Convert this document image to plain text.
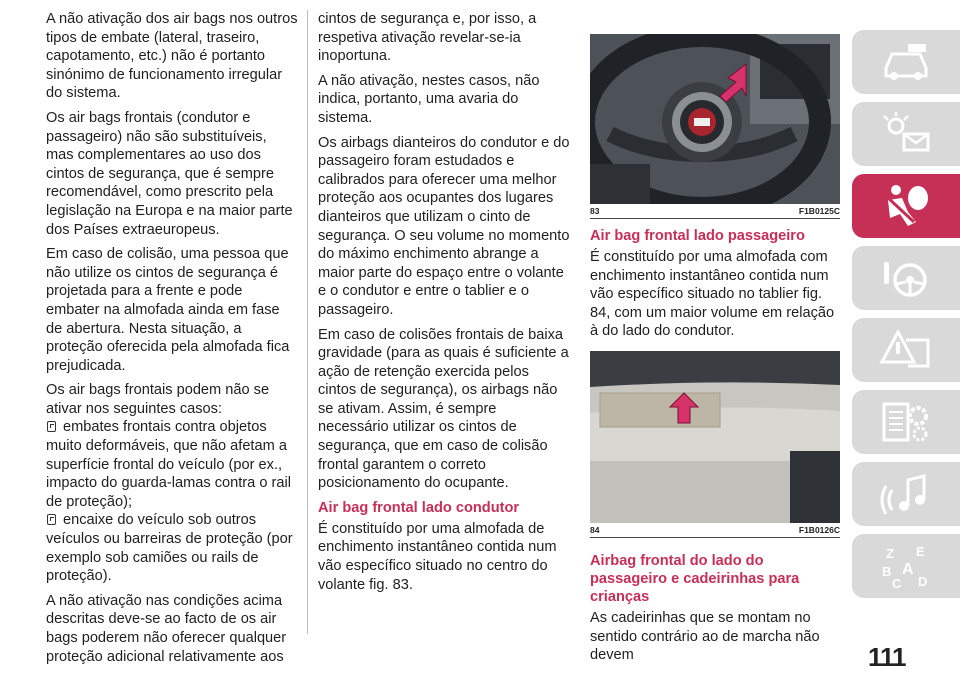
A não ativação dos air bags nos outros tipos de embate (lateral, traseiro, capotamento, etc.) não é portanto sinónimo de funcionamento irregular do sistema.

Os air bags frontais (condutor e passageiro) não são substituíveis, mas complementares ao uso dos cintos de segurança, que é sempre recomendável, como prescrito pela legislação na Europa e na maior parte dos Países extraeuropeus.

Em caso de colisão, uma pessoa que não utilize os cintos de segurança é projetada para a frente e pode embater na almofada ainda em fase de abertura. Nesta situação, a proteção oferecida pela almofada fica prejudicada.

Os air bags frontais podem não se ativar nos seguintes casos:

embates frontais contra objetos muito deformáveis, que não afetam a superfície frontal do veículo (por ex., impacto do guarda-lamas contra o rail de proteção);
encaixe do veículo sob outros veículos ou barreiras de proteção (por exemplo sob camiões ou rails de proteção).

A não ativação nas condições acima descritas deve-se ao facto de os air bags poderem não oferecer qualquer proteção adicional relativamente aos

cintos de segurança e, por isso, a respetiva ativação revelar-se-ia inoportuna.

A não ativação, nestes casos, não indica, portanto, uma avaria do sistema.

Os airbags dianteiros do condutor e do passageiro foram estudados e calibrados para oferecer uma melhor proteção aos ocupantes dos lugares dianteiros que utilizam o cinto de segurança. O seu volume no momento do máximo enchimento abrange a maior parte do espaço entre o volante e o condutor e entre o tablier e o passageiro.

Em caso de colisões frontais de baixa gravidade (para as quais é suficiente a ação de retenção exercida pelos cintos de segurança), os airbags não se ativam. Assim, é sempre necessário utilizar os cintos de segurança, que em caso de colisão frontal garantem o correto posicionamento do ocupante.

Air bag frontal lado condutor

É constituído por uma almofada de enchimento instantâneo contida num vão específico situado no centro do volante fig. 83.

83	F1B0125C
Air bag frontal lado passageiro

É constituído por uma almofada com enchimento instantâneo contida num vão específico situado no tablier fig. 84, com um maior volume em relação à do lado do condutor.

84	F1B0126C
Airbag frontal do lado do passageiro e cadeirinhas para crianças

As cadeirinhas que se montam no sentido contrário ao de marcha não devem

Z E
B A
C D
111
